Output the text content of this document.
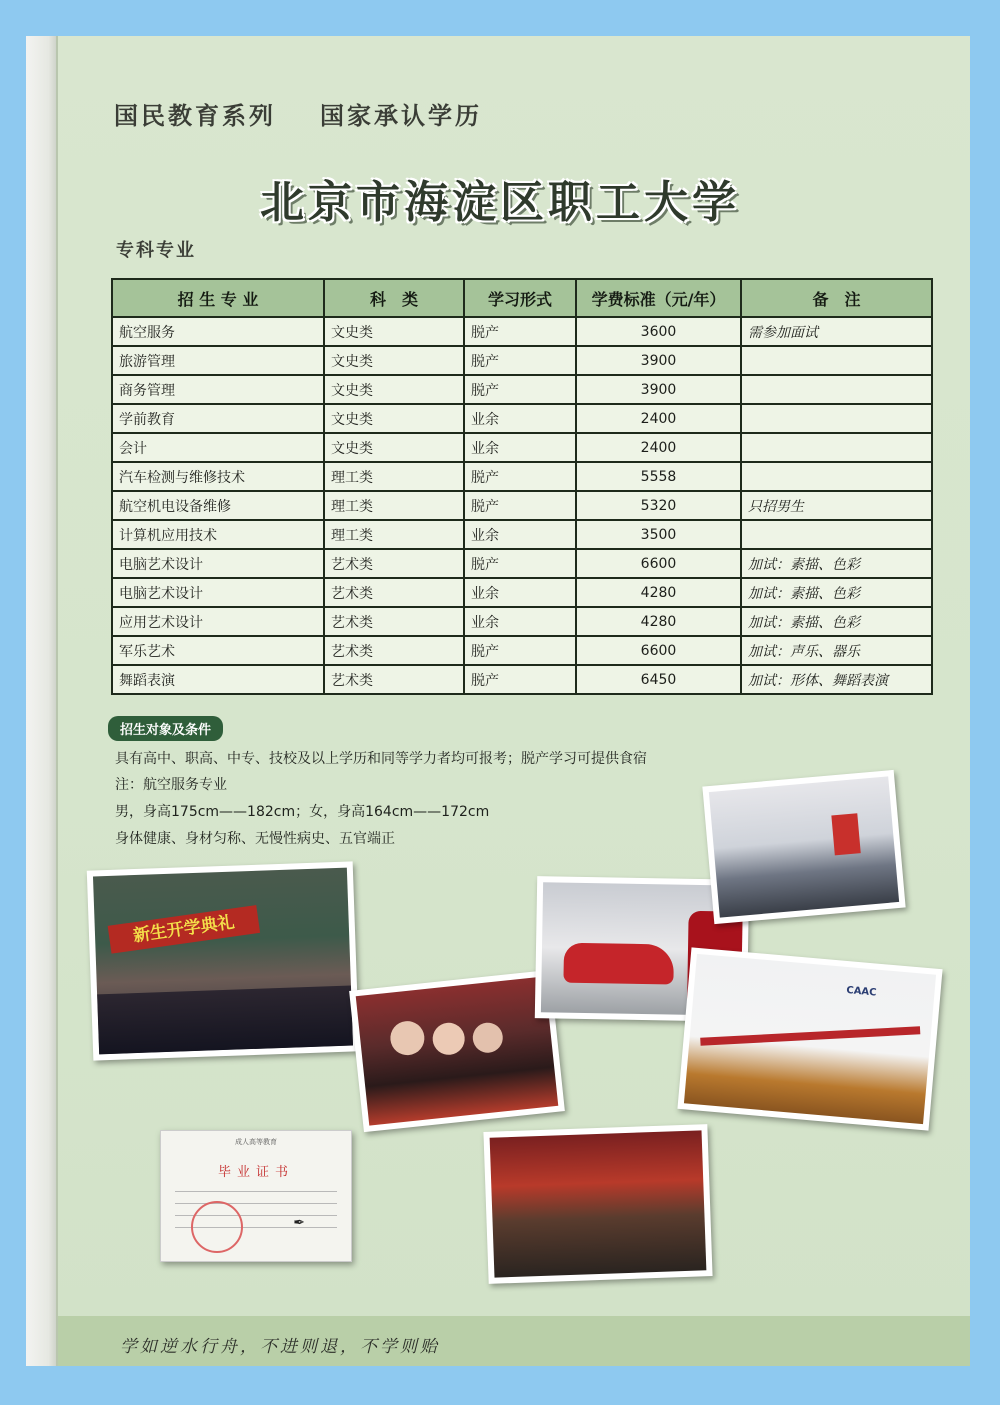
国民教育系列 国家承认学历
北京市海淀区职工大学
专科专业
招 生 专 业	科　类	学习形式	学费标准（元/年）	备　注
航空服务	文史类	脱产	3600	需参加面试
旅游管理	文史类	脱产	3900	
商务管理	文史类	脱产	3900	
学前教育	文史类	业余	2400	
会计	文史类	业余	2400	
汽车检测与维修技术	理工类	脱产	5558	
航空机电设备维修	理工类	脱产	5320	只招男生
计算机应用技术	理工类	业余	3500	
电脑艺术设计	艺术类	脱产	6600	加试：素描、色彩
电脑艺术设计	艺术类	业余	4280	加试：素描、色彩
应用艺术设计	艺术类	业余	4280	加试：素描、色彩
军乐艺术	艺术类	脱产	6600	加试：声乐、器乐
舞蹈表演	艺术类	脱产	6450	加试：形体、舞蹈表演
招生对象及条件
具有高中、职高、中专、技校及以上学历和同等学力者均可报考；脱产学习可提供食宿
注：航空服务专业
男，身高175cm——182cm；女，身高164cm——172cm
身体健康、身材匀称、无慢性病史、五官端正
新生开学典礼
CAAC
成人高等教育
毕业证书
✒
学如逆水行舟，不进则退，不学则贻
